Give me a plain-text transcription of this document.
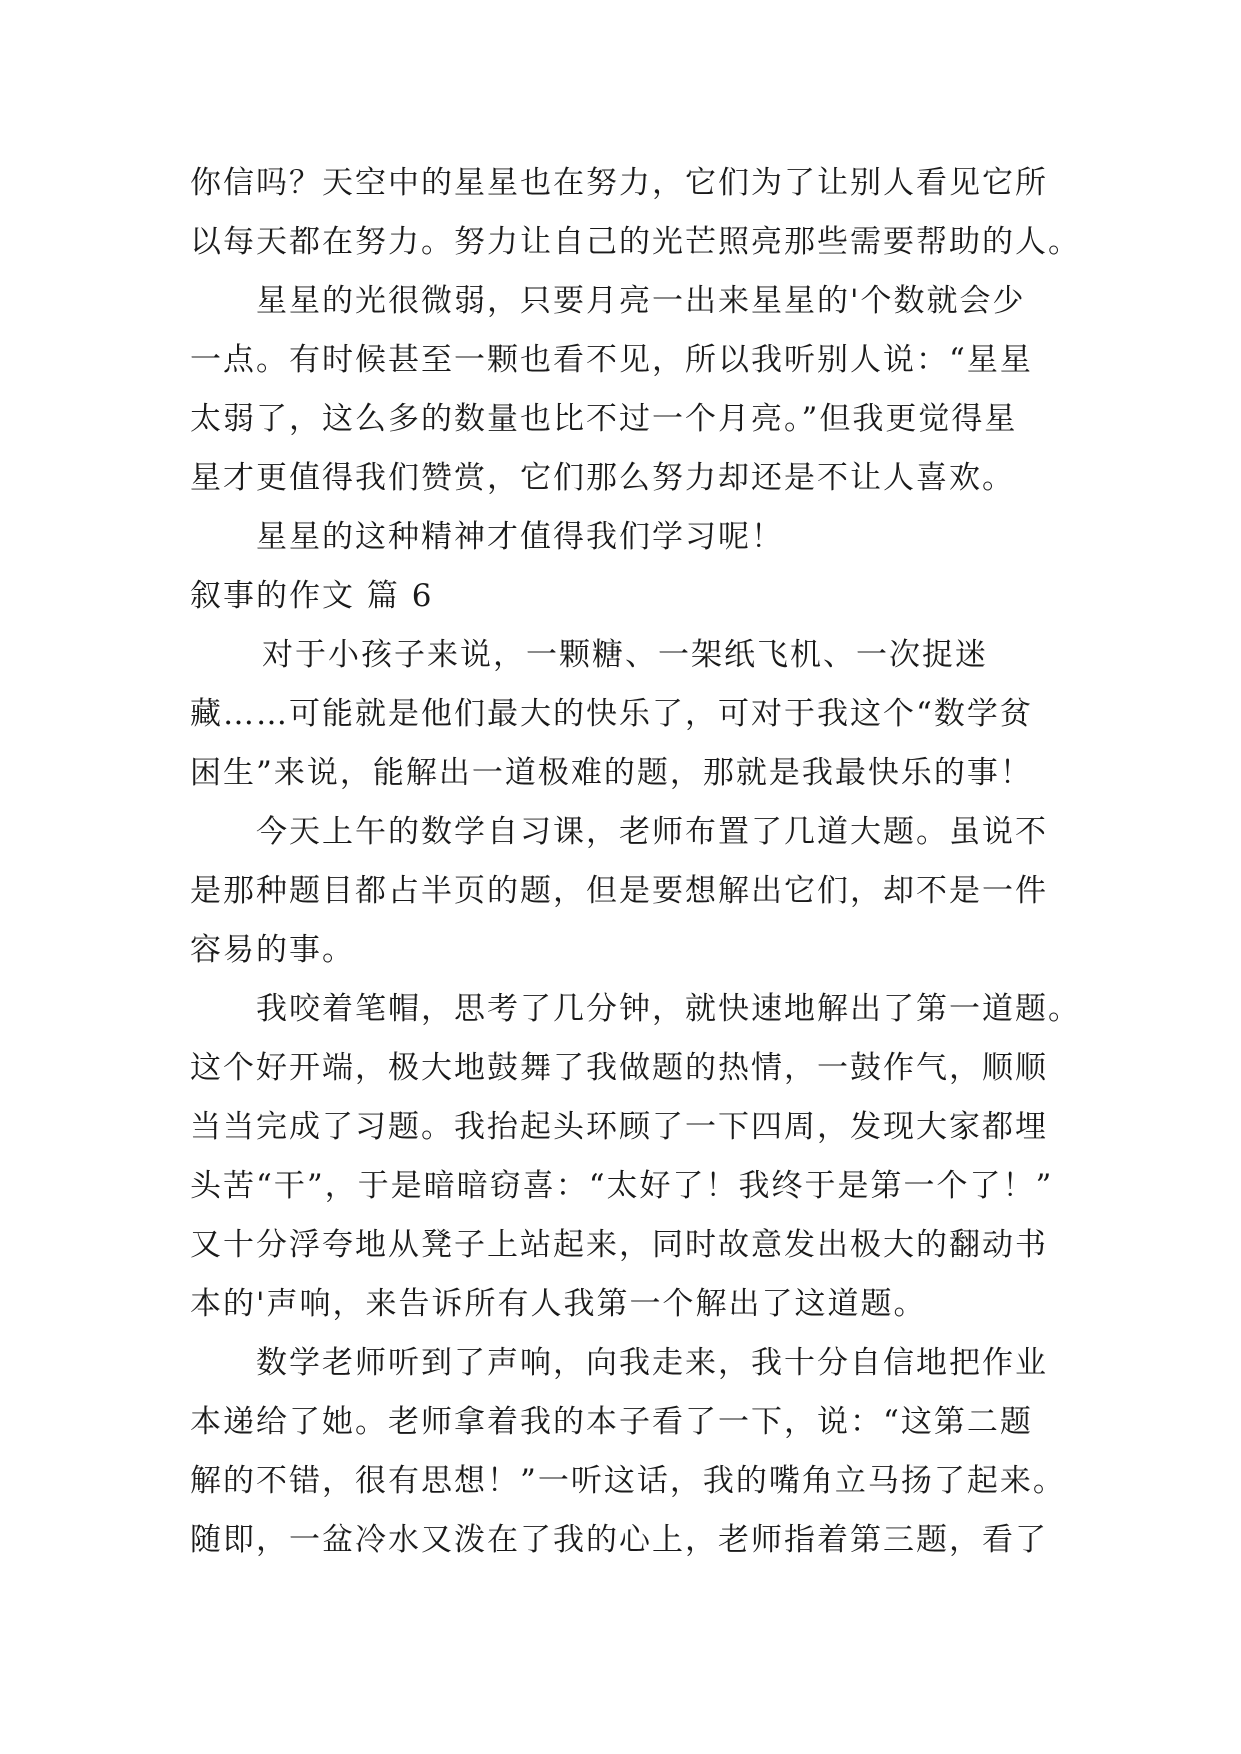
你信吗？天空中的星星也在努力，它们为了让别人看见它所
以每天都在努力。努力让自己的光芒照亮那些需要帮助的人。
星星的光很微弱，只要月亮一出来星星的'个数就会少
一点。有时候甚至一颗也看不见，所以我听别人说：“星星
太弱了，这么多的数量也比不过一个月亮。”但我更觉得星
星才更值得我们赞赏，它们那么努力却还是不让人喜欢。
星星的这种精神才值得我们学习呢！
叙事的作文 篇 6
对于小孩子来说，一颗糖、一架纸飞机、一次捉迷
藏……可能就是他们最大的快乐了，可对于我这个“数学贫
困生”来说，能解出一道极难的题，那就是我最快乐的事！
今天上午的数学自习课，老师布置了几道大题。虽说不
是那种题目都占半页的题，但是要想解出它们，却不是一件
容易的事。
我咬着笔帽，思考了几分钟，就快速地解出了第一道题。
这个好开端，极大地鼓舞了我做题的热情，一鼓作气，顺顺
当当完成了习题。我抬起头环顾了一下四周，发现大家都埋
头苦“干”，于是暗暗窃喜：“太好了！我终于是第一个了！”
又十分浮夸地从凳子上站起来，同时故意发出极大的翻动书
本的'声响，来告诉所有人我第一个解出了这道题。
数学老师听到了声响，向我走来，我十分自信地把作业
本递给了她。老师拿着我的本子看了一下，说：“这第二题
解的不错，很有思想！”一听这话，我的嘴角立马扬了起来。
随即，一盆冷水又泼在了我的心上，老师指着第三题，看了
